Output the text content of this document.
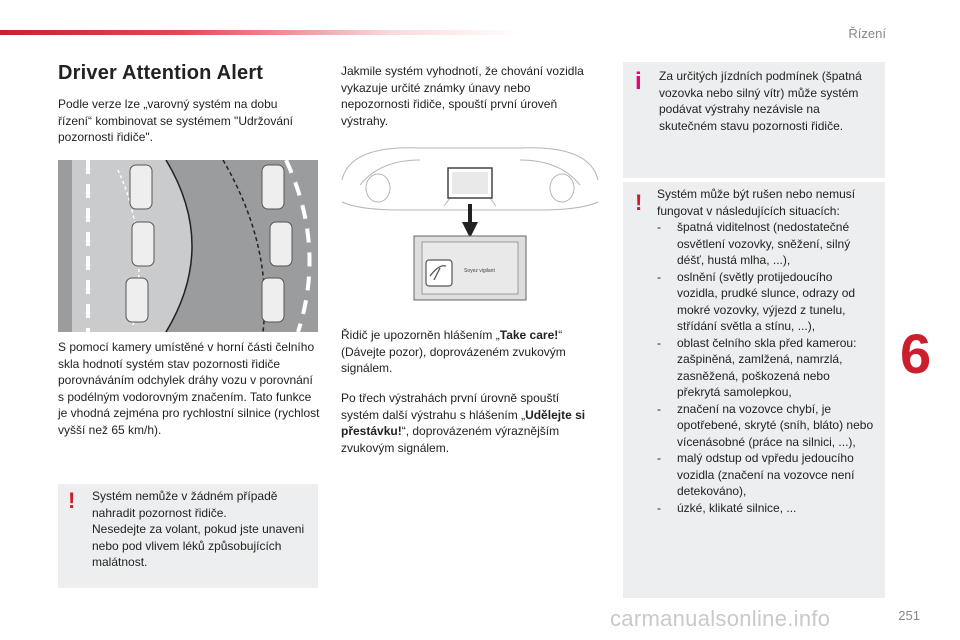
Řízení
Driver Attention Alert

Podle verze lze „varovný systém na dobu řízení“ kombinovat se systémem "Udržování pozornosti řidiče".

S pomocí kamery umístěné v horní části čelního skla hodnotí systém stav pozornosti řidiče porovnáváním odchylek dráhy vozu v porovnání s podélným vodorovným značením. Tato funkce je vhodná zejména pro rychlostní silnice (rychlost vyšší než 65 km/h).

! Systém nemůže v žádném případě nahradit pozornost řidiče.
Nesedejte za volant, pokud jste unaveni nebo pod vlivem léků způsobujících malátnost.

Jakmile systém vyhodnotí, že chování vozidla vykazuje určité známky únavy nebo nepozornosti řidiče, spouští první úroveň výstrahy.

Soyez vigilant

Řidič je upozorněn hlášením „Take care!“ (Dávejte pozor), doprovázeném zvukovým signálem.

Po třech výstrahách první úrovně spouští systém další výstrahu s hlášením „Udělejte si přestávku!“, doprovázeném výraznějším zvukovým signálem.

i Za určitých jízdních podmínek (špatná vozovka nebo silný vítr) může systém podávat výstrahy nezávisle na skutečném stavu pozornosti řidiče.

! Systém může být rušen nebo nemusí fungovat v následujících situacích:
- špatná viditelnost (nedostatečné osvětlení vozovky, sněžení, silný déšť, hustá mlha, ...),
- oslnění (světly protijedoucího vozidla, prudké slunce, odrazy od mokré vozovky, výjezd z tunelu, střídání světla a stínu, ...),
- oblast čelního skla před kamerou: zašpiněná, zamlžená, namrzlá, zasněžená, poškozená nebo překrytá samolepkou,
- značení na vozovce chybí, je opotřebené, skryté (sníh, bláto) nebo vícenásobné (práce na silnici, ...),
- malý odstup od vpředu jedoucího vozidla (značení na vozovce není detekováno),
- úzké, klikaté silnice, ...
6
carmanualsonline.info	251
